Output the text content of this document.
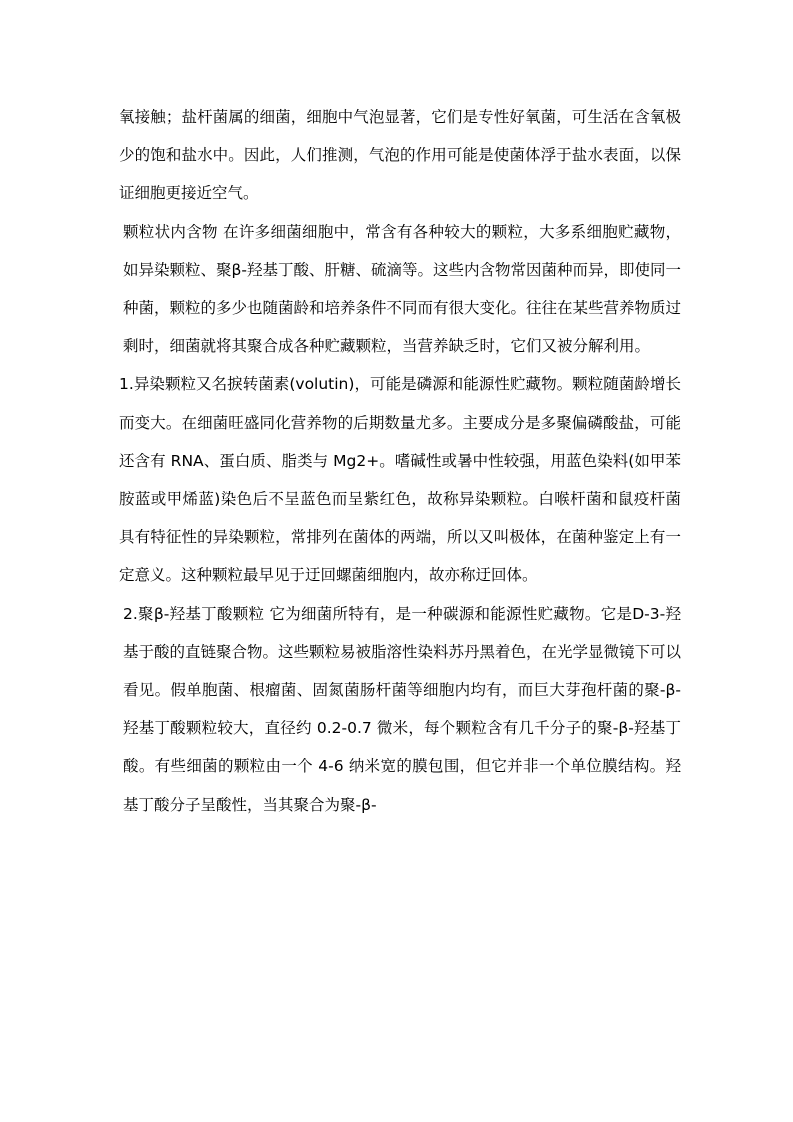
氧接触；盐杆菌属的细菌，细胞中气泡显著，它们是专性好氧菌，可生活在含氧极少的饱和盐水中。因此，人们推测，气泡的作用可能是使菌体浮于盐水表面，以保证细胞更接近空气。

颗粒状内含物 在许多细菌细胞中，常含有各种较大的颗粒，大多系细胞贮藏物，如异染颗粒、聚β-羟基丁酸、肝糖、硫滴等。这些内含物常因菌种而异，即使同一种菌，颗粒的多少也随菌龄和培养条件不同而有很大变化。往往在某些营养物质过剩时，细菌就将其聚合成各种贮藏颗粒，当营养缺乏时，它们又被分解利用。

1.异染颗粒又名捩转菌素(volutin)，可能是磷源和能源性贮藏物。颗粒随菌龄增长而变大。在细菌旺盛同化营养物的后期数量尤多。主要成分是多聚偏磷酸盐，可能还含有 RNA、蛋白质、脂类与 Mg2+。嗜碱性或暑中性较强，用蓝色染料(如甲苯胺蓝或甲烯蓝)染色后不呈蓝色而呈紫红色，故称异染颗粒。白喉杆菌和鼠疫杆菌具有特征性的异染颗粒，常排列在菌体的两端，所以又叫极体，在菌种鉴定上有一定意义。这种颗粒最早见于迂回螺菌细胞内，故亦称迂回体。

2.聚β-羟基丁酸颗粒 它为细菌所特有，是一种碳源和能源性贮藏物。它是D-3-羟基于酸的直链聚合物。这些颗粒易被脂溶性染料苏丹黑着色，在光学显微镜下可以看见。假单胞菌、根瘤菌、固氮菌肠杆菌等细胞内均有，而巨大芽孢杆菌的聚-β-羟基丁酸颗粒较大，直径约 0.2-0.7 微米，每个颗粒含有几千分子的聚-β-羟基丁酸。有些细菌的颗粒由一个 4-6 纳米宽的膜包围，但它并非一个单位膜结构。羟基丁酸分子呈酸性，当其聚合为聚-β-
